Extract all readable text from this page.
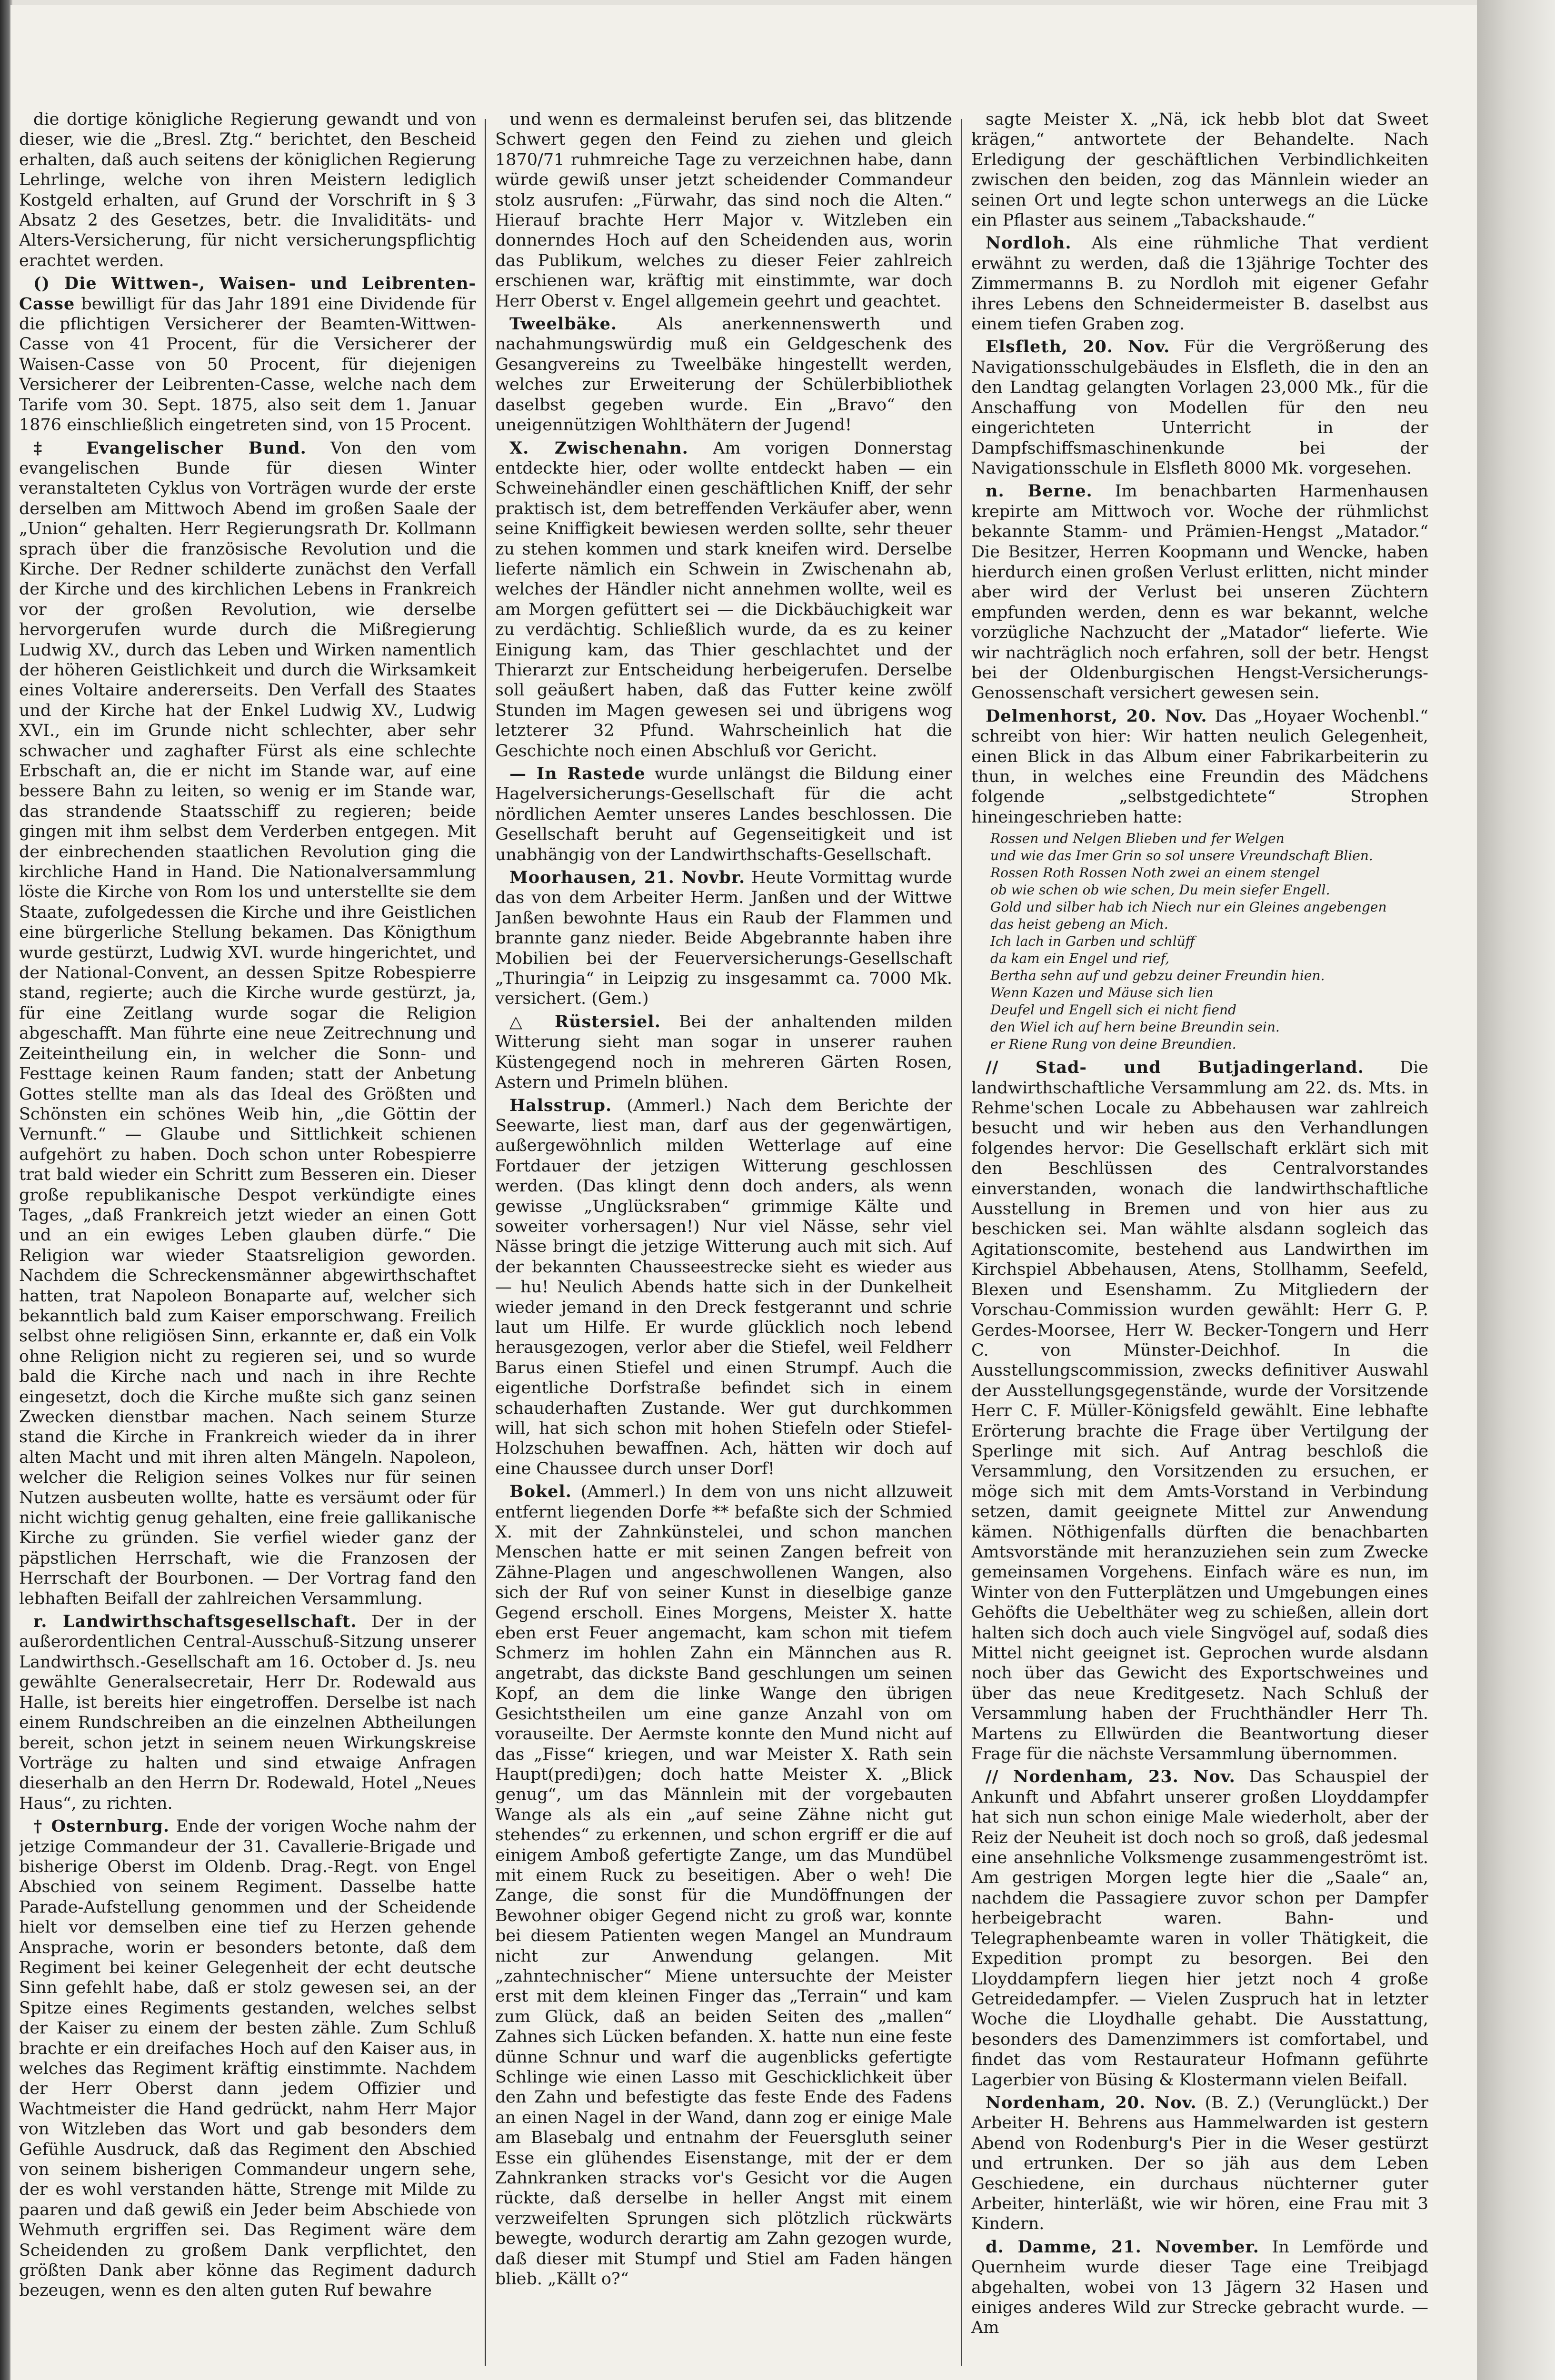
die dortige königliche Regierung gewandt und von dieser, wie die „Bresl. Ztg.“ berichtet, den Bescheid erhalten, daß auch seitens der königlichen Regierung Lehrlinge, welche von ihren Meistern lediglich Kostgeld erhalten, auf Grund der Vorschrift in § 3 Absatz 2 des Gesetzes, betr. die Invaliditäts- und Alters-Versicherung, für nicht versicherungspflichtig erachtet werden.

() Die Wittwen-, Waisen- und Leibrenten-Casse bewilligt für das Jahr 1891 eine Dividende für die pflichtigen Versicherer der Beamten-Wittwen-Casse von 41 Procent, für die Versicherer der Waisen-Casse von 50 Procent, für diejenigen Versicherer der Leibrenten-Casse, welche nach dem Tarife vom 30. Sept. 1875, also seit dem 1. Januar 1876 einschließlich eingetreten sind, von 15 Procent.

‡ Evangelischer Bund. Von den vom evangelischen Bunde für diesen Winter veranstalteten Cyklus von Vorträgen wurde der erste derselben am Mittwoch Abend im großen Saale der „Union“ gehalten. Herr Regierungsrath Dr. Kollmann sprach über die französische Revolution und die Kirche. Der Redner schilderte zunächst den Verfall der Kirche und des kirchlichen Lebens in Frankreich vor der großen Revolution, wie derselbe hervorgerufen wurde durch die Mißregierung Ludwig XV., durch das Leben und Wirken namentlich der höheren Geistlichkeit und durch die Wirksamkeit eines Voltaire andererseits. Den Verfall des Staates und der Kirche hat der Enkel Ludwig XV., Ludwig XVI., ein im Grunde nicht schlechter, aber sehr schwacher und zaghafter Fürst als eine schlechte Erbschaft an, die er nicht im Stande war, auf eine bessere Bahn zu leiten, so wenig er im Stande war, das strandende Staatsschiff zu regieren; beide gingen mit ihm selbst dem Verderben entgegen. Mit der einbrechenden staatlichen Revolution ging die kirchliche Hand in Hand. Die Nationalversammlung löste die Kirche von Rom los und unterstellte sie dem Staate, zufolgedessen die Kirche und ihre Geistlichen eine bürgerliche Stellung bekamen. Das Königthum wurde gestürzt, Ludwig XVI. wurde hingerichtet, und der National-Convent, an dessen Spitze Robespierre stand, regierte; auch die Kirche wurde gestürzt, ja, für eine Zeitlang wurde sogar die Religion abgeschafft. Man führte eine neue Zeitrechnung und Zeiteintheilung ein, in welcher die Sonn- und Festtage keinen Raum fanden; statt der Anbetung Gottes stellte man als das Ideal des Größten und Schönsten ein schönes Weib hin, „die Göttin der Vernunft.“ — Glaube und Sittlichkeit schienen aufgehört zu haben. Doch schon unter Robespierre trat bald wieder ein Schritt zum Besseren ein. Dieser große republikanische Despot verkündigte eines Tages, „daß Frankreich jetzt wieder an einen Gott und an ein ewiges Leben glauben dürfe.“ Die Religion war wieder Staatsreligion geworden. Nachdem die Schreckensmänner abgewirthschaftet hatten, trat Napoleon Bonaparte auf, welcher sich bekanntlich bald zum Kaiser emporschwang. Freilich selbst ohne religiösen Sinn, erkannte er, daß ein Volk ohne Religion nicht zu regieren sei, und so wurde bald die Kirche nach und nach in ihre Rechte eingesetzt, doch die Kirche mußte sich ganz seinen Zwecken dienstbar machen. Nach seinem Sturze stand die Kirche in Frankreich wieder da in ihrer alten Macht und mit ihren alten Mängeln. Napoleon, welcher die Religion seines Volkes nur für seinen Nutzen ausbeuten wollte, hatte es versäumt oder für nicht wichtig genug gehalten, eine freie gallikanische Kirche zu gründen. Sie verfiel wieder ganz der päpstlichen Herrschaft, wie die Franzosen der Herrschaft der Bourbonen. — Der Vortrag fand den lebhaften Beifall der zahlreichen Versammlung.

r. Landwirthschaftsgesellschaft. Der in der außerordentlichen Central-Ausschuß-Sitzung unserer Landwirthsch.-Gesellschaft am 16. October d. Js. neu gewählte Generalsecretair, Herr Dr. Rodewald aus Halle, ist bereits hier eingetroffen. Derselbe ist nach einem Rundschreiben an die einzelnen Abtheilungen bereit, schon jetzt in seinem neuen Wirkungskreise Vorträge zu halten und sind etwaige Anfragen dieserhalb an den Herrn Dr. Rodewald, Hotel „Neues Haus“, zu richten.

† Osternburg. Ende der vorigen Woche nahm der jetzige Commandeur der 31. Cavallerie-Brigade und bisherige Oberst im Oldenb. Drag.-Regt. von Engel Abschied von seinem Regiment. Dasselbe hatte Parade-Aufstellung genommen und der Scheidende hielt vor demselben eine tief zu Herzen gehende Ansprache, worin er besonders betonte, daß dem Regiment bei keiner Gelegenheit der echt deutsche Sinn gefehlt habe, daß er stolz gewesen sei, an der Spitze eines Regiments gestanden, welches selbst der Kaiser zu einem der besten zähle. Zum Schluß brachte er ein dreifaches Hoch auf den Kaiser aus, in welches das Regiment kräftig einstimmte. Nachdem der Herr Oberst dann jedem Offizier und Wachtmeister die Hand gedrückt, nahm Herr Major von Witzleben das Wort und gab besonders dem Gefühle Ausdruck, daß das Regiment den Abschied von seinem bisherigen Commandeur ungern sehe, der es wohl verstanden hätte, Strenge mit Milde zu paaren und daß gewiß ein Jeder beim Abschiede von Wehmuth ergriffen sei. Das Regiment wäre dem Scheidenden zu großem Dank verpflichtet, den größten Dank aber könne das Regiment dadurch bezeugen, wenn es den alten guten Ruf bewahre

und wenn es dermaleinst berufen sei, das blitzende Schwert gegen den Feind zu ziehen und gleich 1870/71 ruhmreiche Tage zu verzeichnen habe, dann würde gewiß unser jetzt scheidender Commandeur stolz ausrufen: „Fürwahr, das sind noch die Alten.“ Hierauf brachte Herr Major v. Witzleben ein donnerndes Hoch auf den Scheidenden aus, worin das Publikum, welches zu dieser Feier zahlreich erschienen war, kräftig mit einstimmte, war doch Herr Oberst v. Engel allgemein geehrt und geachtet.

Tweelbäke. Als anerkennenswerth und nachahmungswürdig muß ein Geldgeschenk des Gesangvereins zu Tweelbäke hingestellt werden, welches zur Erweiterung der Schülerbibliothek daselbst gegeben wurde. Ein „Bravo“ den uneigennützigen Wohlthätern der Jugend!

X. Zwischenahn. Am vorigen Donnerstag entdeckte hier, oder wollte entdeckt haben — ein Schweinehändler einen geschäftlichen Kniff, der sehr praktisch ist, dem betreffenden Verkäufer aber, wenn seine Kniffigkeit bewiesen werden sollte, sehr theuer zu stehen kommen und stark kneifen wird. Derselbe lieferte nämlich ein Schwein in Zwischenahn ab, welches der Händler nicht annehmen wollte, weil es am Morgen gefüttert sei — die Dickbäuchigkeit war zu verdächtig. Schließlich wurde, da es zu keiner Einigung kam, das Thier geschlachtet und der Thierarzt zur Entscheidung herbeigerufen. Derselbe soll geäußert haben, daß das Futter keine zwölf Stunden im Magen gewesen sei und übrigens wog letzterer 32 Pfund. Wahrscheinlich hat die Geschichte noch einen Abschluß vor Gericht.

— In Rastede wurde unlängst die Bildung einer Hagelversicherungs-Gesellschaft für die acht nördlichen Aemter unseres Landes beschlossen. Die Gesellschaft beruht auf Gegenseitigkeit und ist unabhängig von der Landwirthschafts-Gesellschaft.

Moorhausen, 21. Novbr. Heute Vormittag wurde das von dem Arbeiter Herm. Janßen und der Wittwe Janßen bewohnte Haus ein Raub der Flammen und brannte ganz nieder. Beide Abgebrannte haben ihre Mobilien bei der Feuerversicherungs-Gesellschaft „Thuringia“ in Leipzig zu insgesammt ca. 7000 Mk. versichert. (Gem.)

△ Rüstersiel. Bei der anhaltenden milden Witterung sieht man sogar in unserer rauhen Küstengegend noch in mehreren Gärten Rosen, Astern und Primeln blühen.

Halsstrup. (Ammerl.) Nach dem Berichte der Seewarte, liest man, darf aus der gegenwärtigen, außergewöhnlich milden Wetterlage auf eine Fortdauer der jetzigen Witterung geschlossen werden. (Das klingt denn doch anders, als wenn gewisse „Unglücksraben“ grimmige Kälte und soweiter vorhersagen!) Nur viel Nässe, sehr viel Nässe bringt die jetzige Witterung auch mit sich. Auf der bekannten Chausseestrecke sieht es wieder aus — hu! Neulich Abends hatte sich in der Dunkelheit wieder jemand in den Dreck festgerannt und schrie laut um Hilfe. Er wurde glücklich noch lebend herausgezogen, verlor aber die Stiefel, weil Feldherr Barus einen Stiefel und einen Strumpf. Auch die eigentliche Dorfstraße befindet sich in einem schauderhaften Zustande. Wer gut durchkommen will, hat sich schon mit hohen Stiefeln oder Stiefel-Holzschuhen bewaffnen. Ach, hätten wir doch auf eine Chaussee durch unser Dorf!

Bokel. (Ammerl.) In dem von uns nicht allzuweit entfernt liegenden Dorfe ** befaßte sich der Schmied X. mit der Zahnkünstelei, und schon manchen Menschen hatte er mit seinen Zangen befreit von Zähne-Plagen und angeschwollenen Wangen, also sich der Ruf von seiner Kunst in dieselbige ganze Gegend erscholl. Eines Morgens, Meister X. hatte eben erst Feuer angemacht, kam schon mit tiefem Schmerz im hohlen Zahn ein Männchen aus R. angetrabt, das dickste Band geschlungen um seinen Kopf, an dem die linke Wange den übrigen Gesichtstheilen um eine ganze Anzahl von om vorauseilte. Der Aermste konnte den Mund nicht auf das „Fisse“ kriegen, und war Meister X. Rath sein Haupt(predi)gen; doch hatte Meister X. „Blick genug“, um das Männlein mit der vorgebauten Wange als als ein „auf seine Zähne nicht gut stehendes“ zu erkennen, und schon ergriff er die auf einigem Amboß gefertigte Zange, um das Mundübel mit einem Ruck zu beseitigen. Aber o weh! Die Zange, die sonst für die Mundöffnungen der Bewohner obiger Gegend nicht zu groß war, konnte bei diesem Patienten wegen Mangel an Mundraum nicht zur Anwendung gelangen. Mit „zahntechnischer“ Miene untersuchte der Meister erst mit dem kleinen Finger das „Terrain“ und kam zum Glück, daß an beiden Seiten des „mallen“ Zahnes sich Lücken befanden. X. hatte nun eine feste dünne Schnur und warf die augenblicks gefertigte Schlinge wie einen Lasso mit Geschicklichkeit über den Zahn und befestigte das feste Ende des Fadens an einen Nagel in der Wand, dann zog er einige Male am Blasebalg und entnahm der Feuersgluth seiner Esse ein glühendes Eisenstange, mit der er dem Zahnkranken stracks vor's Gesicht vor die Augen rückte, daß derselbe in heller Angst mit einem verzweifelten Sprungen sich plötzlich rückwärts bewegte, wodurch derartig am Zahn gezogen wurde, daß dieser mit Stumpf und Stiel am Faden hängen blieb. „Källt o?“

sagte Meister X. „Nä, ick hebb blot dat Sweet krägen,“ antwortete der Behandelte. Nach Erledigung der geschäftlichen Verbindlichkeiten zwischen den beiden, zog das Männlein wieder an seinen Ort und legte schon unterwegs an die Lücke ein Pflaster aus seinem „Tabackshaude.“

Nordloh. Als eine rühmliche That verdient erwähnt zu werden, daß die 13jährige Tochter des Zimmermanns B. zu Nordloh mit eigener Gefahr ihres Lebens den Schneidermeister B. daselbst aus einem tiefen Graben zog.

Elsfleth, 20. Nov. Für die Vergrößerung des Navigationsschulgebäudes in Elsfleth, die in den an den Landtag gelangten Vorlagen 23,000 Mk., für die Anschaffung von Modellen für den neu eingerichteten Unterricht in der Dampfschiffsmaschinenkunde bei der Navigationsschule in Elsfleth 8000 Mk. vorgesehen.

n. Berne. Im benachbarten Harmenhausen krepirte am Mittwoch vor. Woche der rühmlichst bekannte Stamm- und Prämien-Hengst „Matador.“ Die Besitzer, Herren Koopmann und Wencke, haben hierdurch einen großen Verlust erlitten, nicht minder aber wird der Verlust bei unseren Züchtern empfunden werden, denn es war bekannt, welche vorzügliche Nachzucht der „Matador“ lieferte. Wie wir nachträglich noch erfahren, soll der betr. Hengst bei der Oldenburgischen Hengst-Versicherungs-Genossenschaft versichert gewesen sein.

Delmenhorst, 20. Nov. Das „Hoyaer Wochenbl.“ schreibt von hier: Wir hatten neulich Gelegenheit, einen Blick in das Album einer Fabrikarbeiterin zu thun, in welches eine Freundin des Mädchens folgende „selbstgedichtete“ Strophen hineingeschrieben hatte:

Rossen und Nelgen Blieben und fer Welgen
und wie das Imer Grin so sol unsere Vreundschaft Blien.
Rossen Roth Rossen Noth zwei an einem stengel
ob wie schen ob wie schen, Du mein siefer Engell.
Gold und silber hab ich Niech nur ein Gleines angebengen
das heist gebeng an Mich.
Ich lach in Garben und schlüff
da kam ein Engel und rief,
Bertha sehn auf und gebzu deiner Freundin hien.
Wenn Kazen und Mäuse sich lien
Deufel und Engell sich ei nicht fiend
den Wiel ich auf hern beine Breundin sein.
er Riene Rung von deine Breundien.

// Stad- und Butjadingerland. Die landwirthschaftliche Versammlung am 22. ds. Mts. in Rehme'schen Locale zu Abbehausen war zahlreich besucht und wir heben aus den Verhandlungen folgendes hervor: Die Gesellschaft erklärt sich mit den Beschlüssen des Centralvorstandes einverstanden, wonach die landwirthschaftliche Ausstellung in Bremen und von hier aus zu beschicken sei. Man wählte alsdann sogleich das Agitationscomite, bestehend aus Landwirthen im Kirchspiel Abbehausen, Atens, Stollhamm, Seefeld, Blexen und Esenshamm. Zu Mitgliedern der Vorschau-Commission wurden gewählt: Herr G. P. Gerdes-Moorsee, Herr W. Becker-Tongern und Herr C. von Münster-Deichhof. In die Ausstellungscommission, zwecks definitiver Auswahl der Ausstellungsgegenstände, wurde der Vorsitzende Herr C. F. Müller-Königsfeld gewählt. Eine lebhafte Erörterung brachte die Frage über Vertilgung der Sperlinge mit sich. Auf Antrag beschloß die Versammlung, den Vorsitzenden zu ersuchen, er möge sich mit dem Amts-Vorstand in Verbindung setzen, damit geeignete Mittel zur Anwendung kämen. Nöthigenfalls dürften die benachbarten Amtsvorstände mit heranzuziehen sein zum Zwecke gemeinsamen Vorgehens. Einfach wäre es nun, im Winter von den Futterplätzen und Umgebungen eines Gehöfts die Uebelthäter weg zu schießen, allein dort halten sich doch auch viele Singvögel auf, sodaß dies Mittel nicht geeignet ist. Geprochen wurde alsdann noch über das Gewicht des Exportschweines und über das neue Kreditgesetz. Nach Schluß der Versammlung haben der Fruchthändler Herr Th. Martens zu Ellwürden die Beantwortung dieser Frage für die nächste Versammlung übernommen.

// Nordenham, 23. Nov. Das Schauspiel der Ankunft und Abfahrt unserer großen Lloyddampfer hat sich nun schon einige Male wiederholt, aber der Reiz der Neuheit ist doch noch so groß, daß jedesmal eine ansehnliche Volksmenge zusammengeströmt ist. Am gestrigen Morgen legte hier die „Saale“ an, nachdem die Passagiere zuvor schon per Dampfer herbeigebracht waren. Bahn- und Telegraphenbeamte waren in voller Thätigkeit, die Expedition prompt zu besorgen. Bei den Lloyddampfern liegen hier jetzt noch 4 große Getreidedampfer. — Vielen Zuspruch hat in letzter Woche die Lloydhalle gehabt. Die Ausstattung, besonders des Damenzimmers ist comfortabel, und findet das vom Restaurateur Hofmann geführte Lagerbier von Büsing & Klostermann vielen Beifall.

Nordenham, 20. Nov. (B. Z.) (Verunglückt.) Der Arbeiter H. Behrens aus Hammelwarden ist gestern Abend von Rodenburg's Pier in die Weser gestürzt und ertrunken. Der so jäh aus dem Leben Geschiedene, ein durchaus nüchterner guter Arbeiter, hinterläßt, wie wir hören, eine Frau mit 3 Kindern.

d. Damme, 21. November. In Lemförde und Quernheim wurde dieser Tage eine Treibjagd abgehalten, wobei von 13 Jägern 32 Hasen und einiges anderes Wild zur Strecke gebracht wurde. — Am
